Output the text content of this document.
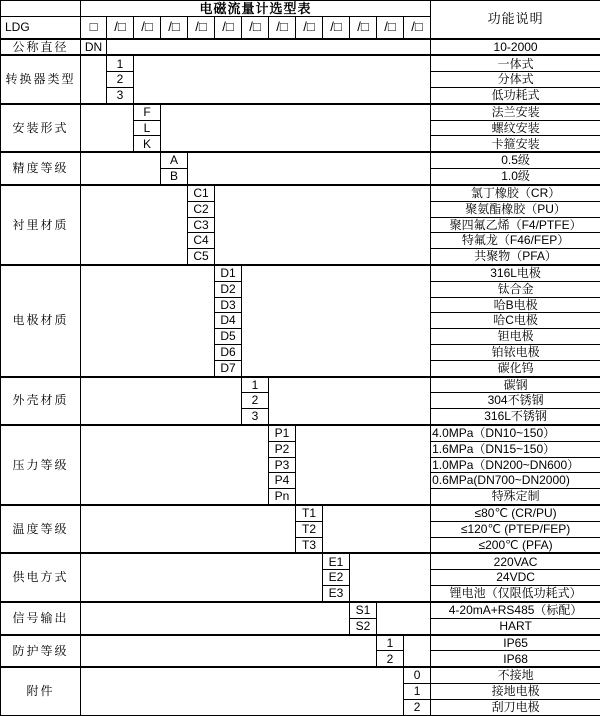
	电磁流量计选型表													功能说明
LDG	□	/□	/□	/□	/□	/□	/□	/□	/□	/□	/□	/□	/□	
公称直径	DN													10-2000
转换器类型		1												一体式
		2												分体式
		3												低功耗式
安装形式			F											法兰安装
			L											螺纹安装
			K											卡箍安装
精度等级				A										0.5级
				B										1.0级
衬里材质					C1									氯丁橡胶（CR）
					C2									聚氨酯橡胶（PU）
					C3									聚四氟乙烯（F4/PTFE）
					C4									特氟龙（F46/FEP）
					C5									共聚物（PFA）
电极材质						D1								316L电极
						D2								钛合金
						D3								哈B电极
						D4								哈C电极
						D5								钽电极
						D6								铂铱电极
						D7								碳化钨
外壳材质							1							碳钢
							2							304不锈钢
							3							316L不锈钢
压力等级								P1						4.0MPa（DN10~150）
								P2						1.6MPa（DN15~150）
								P3						1.0MPa（DN200~DN600）
								P4						0.6MPa(DN700~DN2000)
								Pn						特殊定制
温度等级									T1					≤80℃ (CR/PU)
									T2					≤120℃ (PTEP/FEP)
									T3					≤200℃ (PFA)
供电方式										E1				220VAC
										E2				24VDC
										E3				锂电池（仅限低功耗式）
信号输出											S1			4-20mA+RS485（标配）
											S2			HART
防护等级												1		IP65
												2		IP68
附件													0	不接地
													1	接地电极
													2	刮刀电极
